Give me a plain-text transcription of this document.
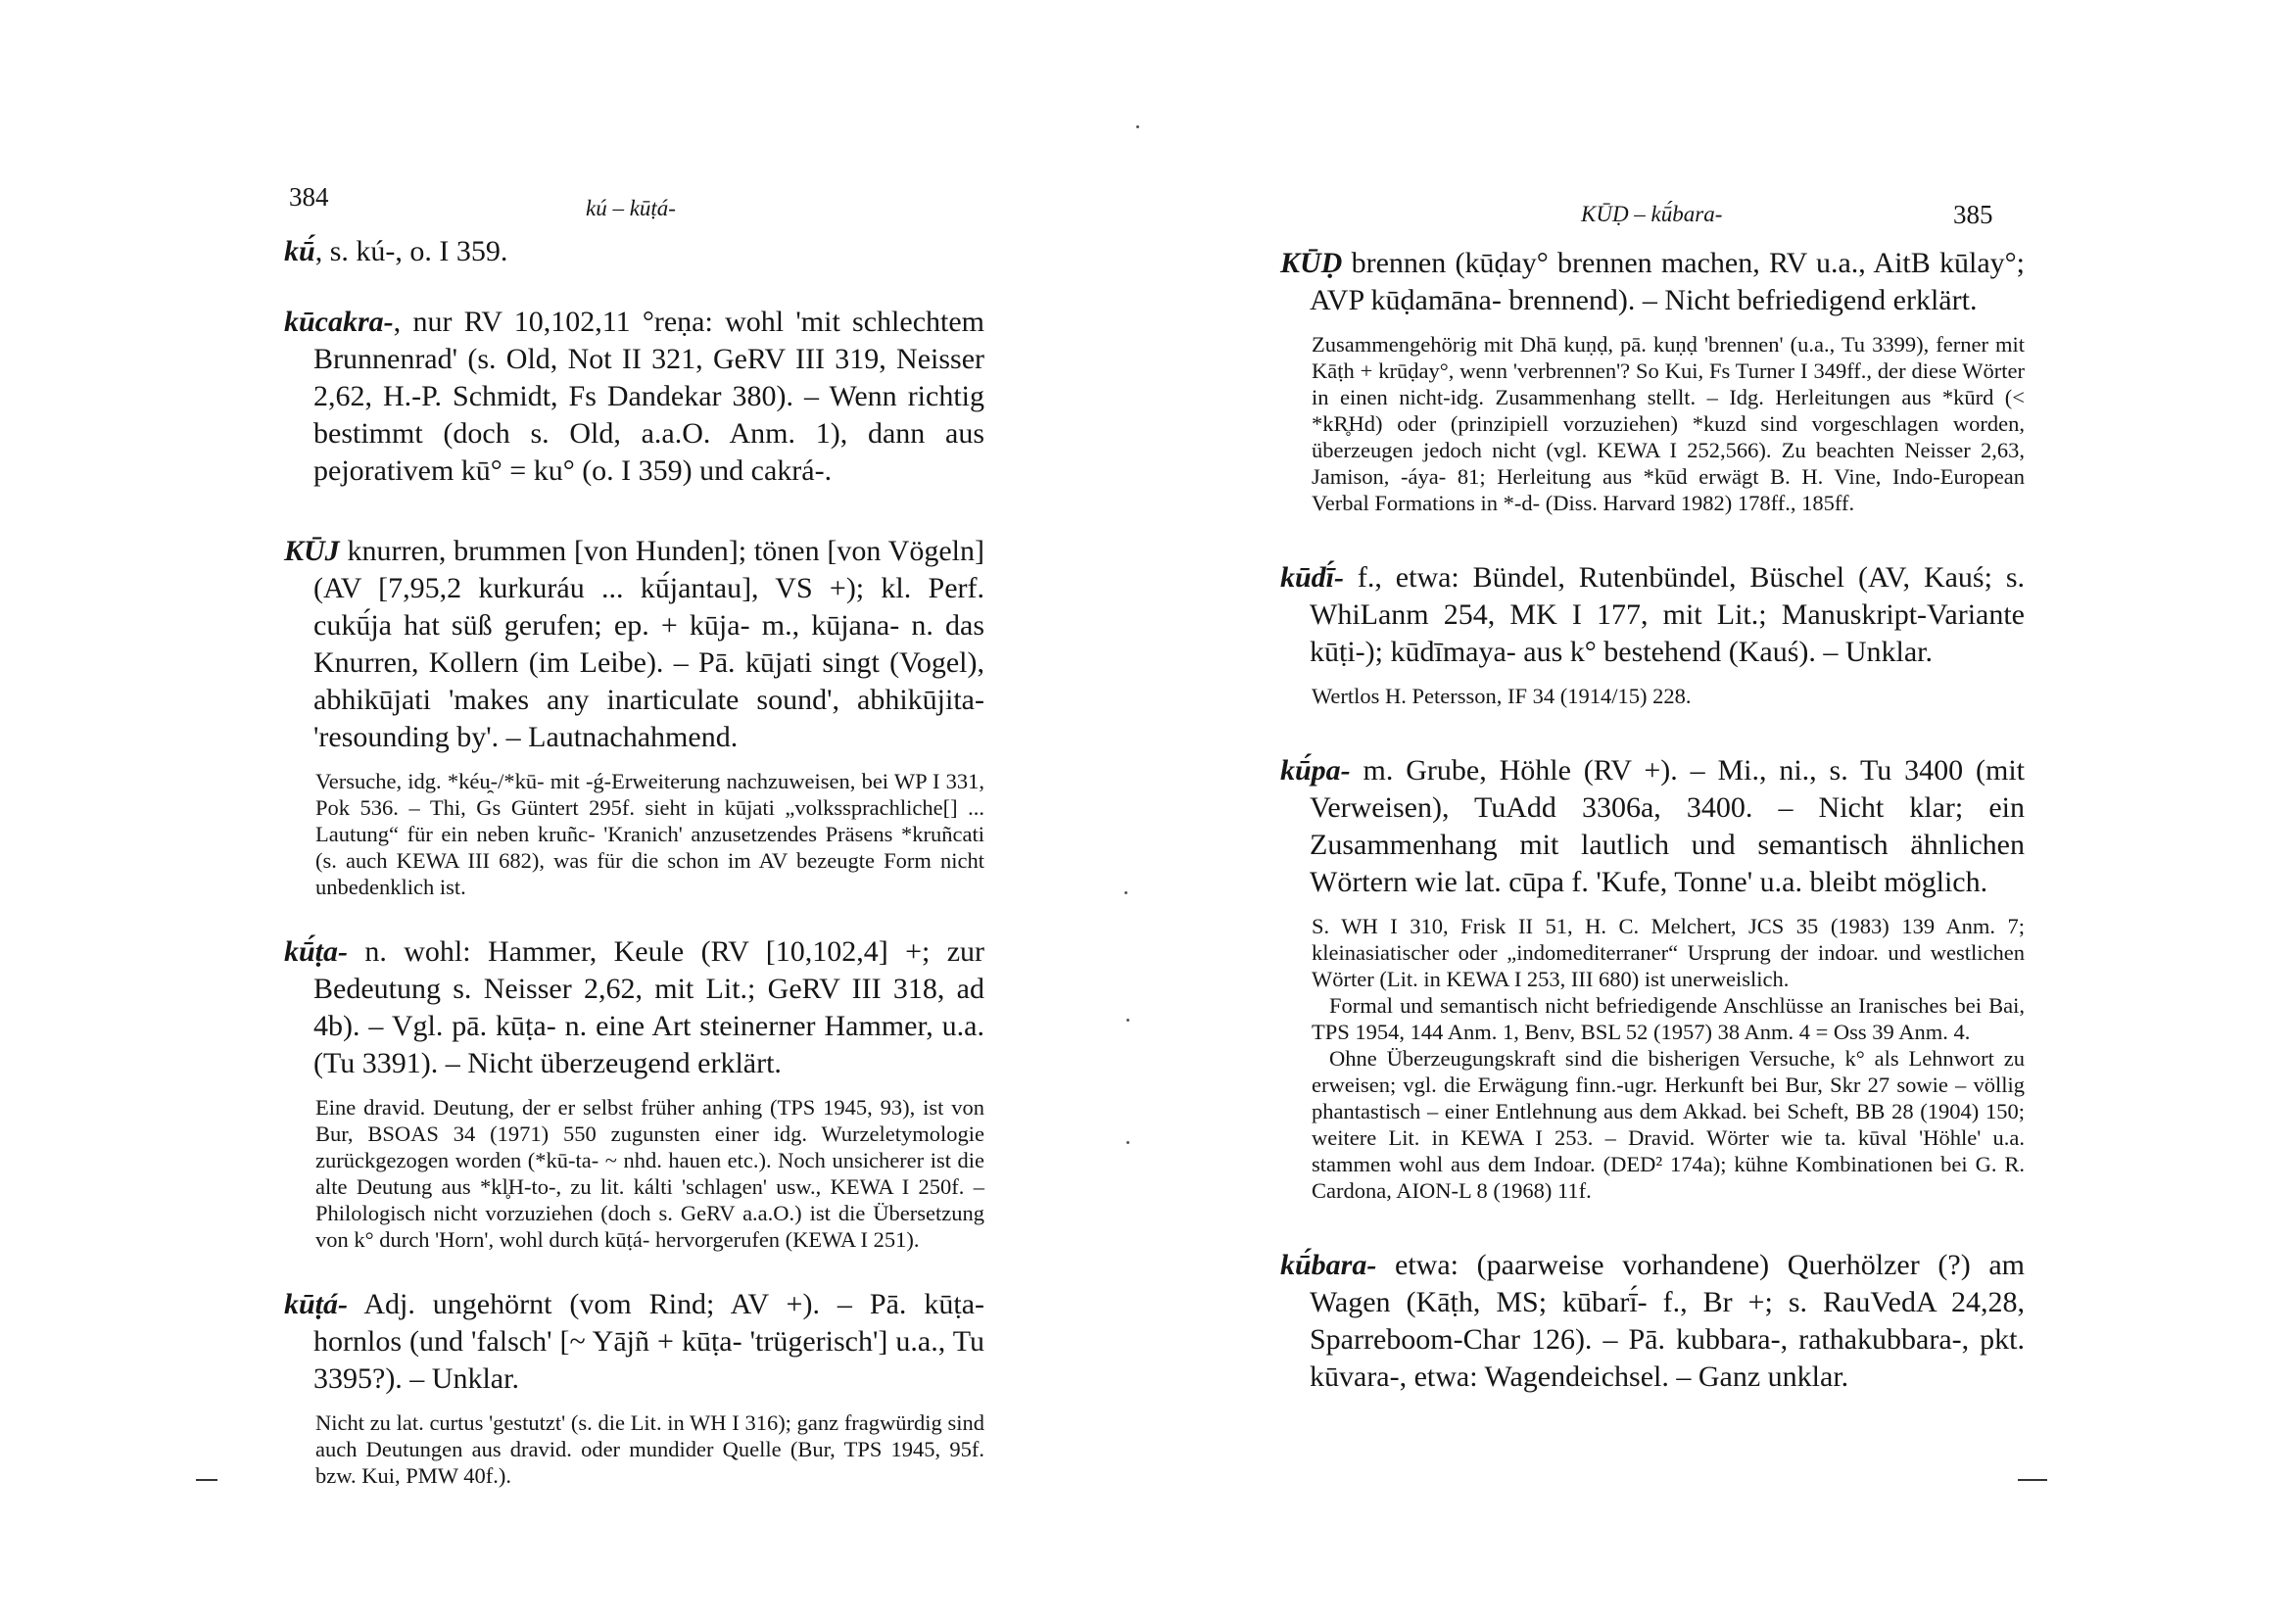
384	kú – kūṭá-
kū́, s. kú-, o. I 359.
kūcakra-, nur RV 10,102,11 °reṇa: wohl 'mit schlechtem Brunnenrad' (s. Old, Not II 321, GeRV III 319, Neisser 2,62, H.-P. Schmidt, Fs Dandekar 380). – Wenn richtig bestimmt (doch s. Old, a.a.O. Anm. 1), dann aus pejorativem kū° = ku° (o. I 359) und cakrá-.
KŪJ knurren, brummen [von Hunden]; tönen [von Vögeln] (AV [7,95,2 kurkuráu ... kū́jantau], VS +); kl. Perf. cukū́ja hat süß gerufen; ep. + kūja- m., kūjana- n. das Knurren, Kollern (im Leibe). – Pā. kūjati singt (Vogel), abhikūjati 'makes any inarticulate sound', abhikūjita- 'resounding by'. – Lautnachahmend.

Versuche, idg. *kéu̯-/*kū- mit -ǵ-Erweiterung nachzuweisen, bei WP I 331, Pok 536. – Thi, Gs Güntert 295f. sieht in kūjati „volkssprachliche[] ... Lautung“ für ein neben kruñc- 'Kranich' anzusetzendes Präsens *kruñcati (s. auch KEWA III 682), was für die schon im AV bezeugte Form nicht unbedenklich ist.

kū́ṭa- n. wohl: Hammer, Keule (RV [10,102,4] +; zur Bedeutung s. Neisser 2,62, mit Lit.; GeRV III 318, ad 4b). – Vgl. pā. kūṭa- n. eine Art steinerner Hammer, u.a. (Tu 3391). – Nicht überzeugend erklärt.

Eine dravid. Deutung, der er selbst früher anhing (TPS 1945, 93), ist von Bur, BSOAS 34 (1971) 550 zugunsten einer idg. Wurzeletymologie zurückgezogen worden (*kū-ta- ~ nhd. hauen etc.). Noch unsicherer ist die alte Deutung aus *kl̥H-to-, zu lit. kálti 'schlagen' usw., KEWA I 250f. – Philologisch nicht vorzuziehen (doch s. GeRV a.a.O.) ist die Übersetzung von k° durch 'Horn', wohl durch kūṭá- hervorgerufen (KEWA I 251).

kūṭá- Adj. ungehörnt (vom Rind; AV +). – Pā. kūṭa- hornlos (und 'falsch' [~ Yājñ + kūṭa- 'trügerisch'] u.a., Tu 3395?). – Unklar.

Nicht zu lat. curtus 'gestutzt' (s. die Lit. in WH I 316); ganz fragwürdig sind auch Deutungen aus dravid. oder mundider Quelle (Bur, TPS 1945, 95f. bzw. Kui, PMW 40f.).

KŪḌ – kū́bara-	385
KŪḌ brennen (kūḍay° brennen machen, RV u.a., AitB kūlay°; AVP kūḍamāna- brennend). – Nicht befriedigend erklärt.

Zusammengehörig mit Dhā kuṇḍ, pā. kuṇḍ 'brennen' (u.a., Tu 3399), ferner mit Kāṭh + krūḍay°, wenn 'verbrennen'? So Kui, Fs Turner I 349ff., der diese Wörter in einen nicht-idg. Zusammenhang stellt. – Idg. Herleitungen aus *kūrd (< *kR̥Hd) oder (prinzipiell vorzuziehen) *kuzd sind vorgeschlagen worden, überzeugen jedoch nicht (vgl. KEWA I 252,566). Zu beachten Neisser 2,63, Jamison, -áya- 81; Herleitung aus *kūd erwägt B. H. Vine, Indo-European Verbal Formations in *-d- (Diss. Harvard 1982) 178ff., 185ff.

kūdī́- f., etwa: Bündel, Rutenbündel, Büschel (AV, Kauś; s. WhiLanm 254, MK I 177, mit Lit.; Manuskript-Variante kūṭi-); kūdīmaya- aus k° bestehend (Kauś). – Unklar.

Wertlos H. Petersson, IF 34 (1914/15) 228.

kū́pa- m. Grube, Höhle (RV +). – Mi., ni., s. Tu 3400 (mit Verweisen), TuAdd 3306a, 3400. – Nicht klar; ein Zusammenhang mit lautlich und semantisch ähnlichen Wörtern wie lat. cūpa f. 'Kufe, Tonne' u.a. bleibt möglich.

S. WH I 310, Frisk II 51, H. C. Melchert, JCS 35 (1983) 139 Anm. 7; kleinasiatischer oder „indomediterraner“ Ursprung der indoar. und westlichen Wörter (Lit. in KEWA I 253, III 680) ist unerweislich.

Formal und semantisch nicht befriedigende Anschlüsse an Iranisches bei Bai, TPS 1954, 144 Anm. 1, Benv, BSL 52 (1957) 38 Anm. 4 = Oss 39 Anm. 4.

Ohne Überzeugungskraft sind die bisherigen Versuche, k° als Lehnwort zu erweisen; vgl. die Erwägung finn.-ugr. Herkunft bei Bur, Skr 27 sowie – völlig phantastisch – einer Entlehnung aus dem Akkad. bei Scheft, BB 28 (1904) 150; weitere Lit. in KEWA I 253. – Dravid. Wörter wie ta. kūval 'Höhle' u.a. stammen wohl aus dem Indoar. (DED² 174a); kühne Kombinationen bei G. R. Cardona, AION-L 8 (1968) 11f.

kū́bara- etwa: (paarweise vorhandene) Querhölzer (?) am Wagen (Kāṭh, MS; kūbarī́- f., Br +; s. RauVedA 24,28, Sparreboom-Char 126). – Pā. kubbara-, rathakubbara-, pkt. kūvara-, etwa: Wagendeichsel. – Ganz unklar.
